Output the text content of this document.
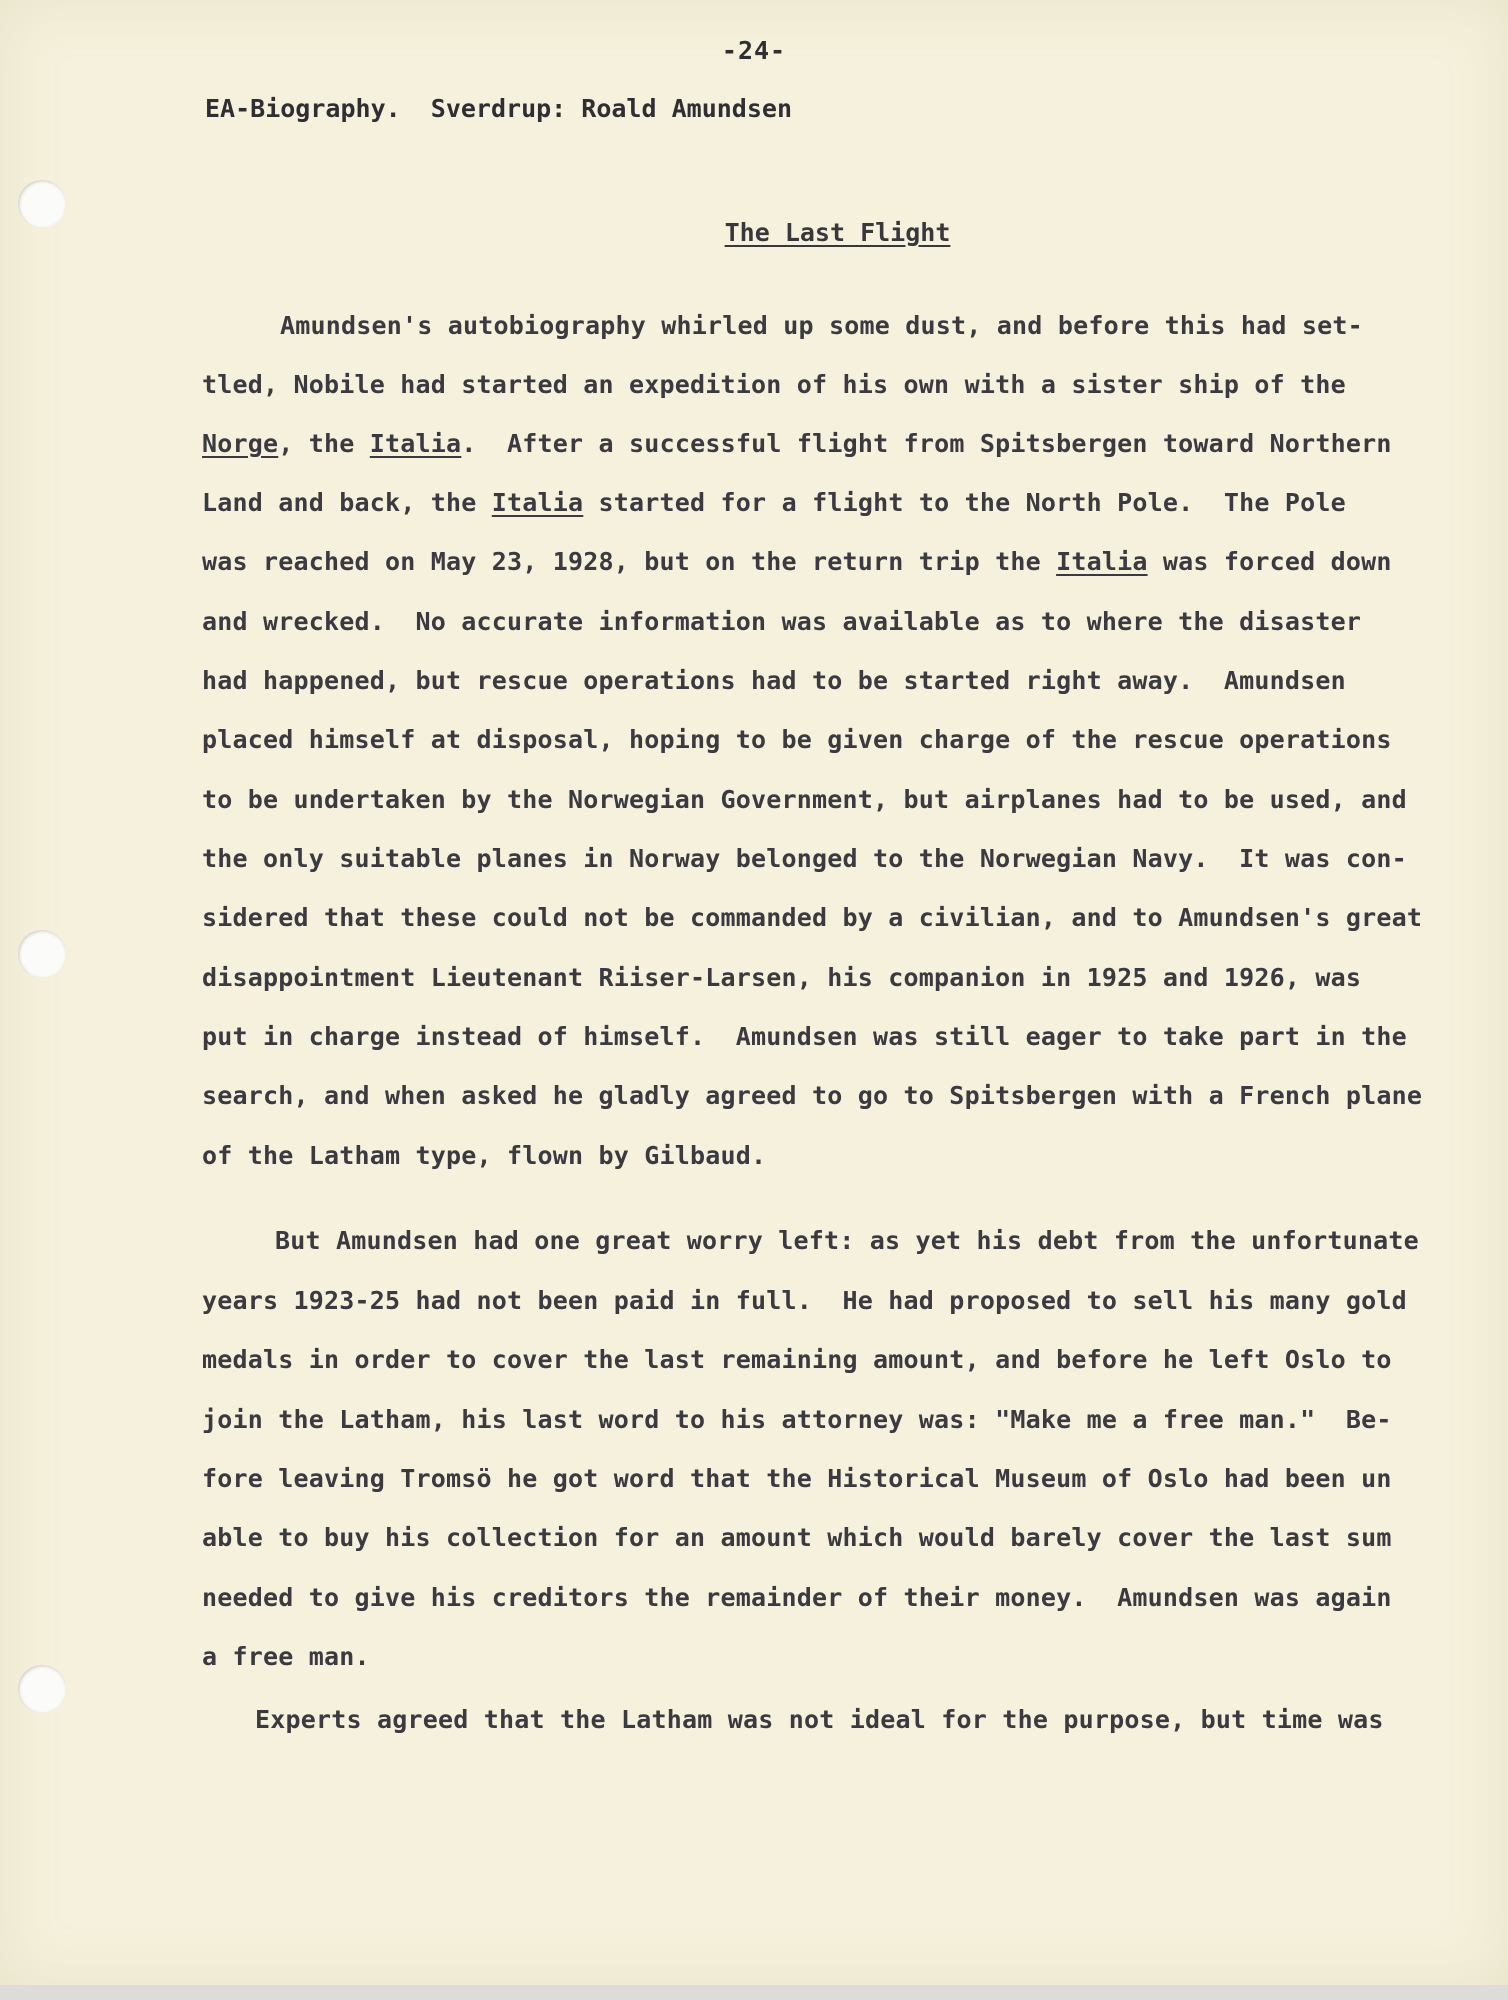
-24-
EA-Biography.  Sverdrup: Roald Amundsen
The Last Flight
Amundsen's autobiography whirled up some dust, and before this had set-
tled, Nobile had started an expedition of his own with a sister ship of the
Norge, the Italia.  After a successful flight from Spitsbergen toward Northern
Land and back, the Italia started for a flight to the North Pole.  The Pole
was reached on May 23, 1928, but on the return trip the Italia was forced down
and wrecked.  No accurate information was available as to where the disaster
had happened, but rescue operations had to be started right away.  Amundsen
placed himself at disposal, hoping to be given charge of the rescue operations
to be undertaken by the Norwegian Government, but airplanes had to be used, and
the only suitable planes in Norway belonged to the Norwegian Navy.  It was con-
sidered that these could not be commanded by a civilian, and to Amundsen's great
disappointment Lieutenant Riiser-Larsen, his companion in 1925 and 1926, was
put in charge instead of himself.  Amundsen was still eager to take part in the
search, and when asked he gladly agreed to go to Spitsbergen with a French plane
of the Latham type, flown by Gilbaud.
But Amundsen had one great worry left: as yet his debt from the unfortunate
years 1923-25 had not been paid in full.  He had proposed to sell his many gold
medals in order to cover the last remaining amount, and before he left Oslo to
join the Latham, his last word to his attorney was: "Make me a free man."  Be-
fore leaving Tromsö he got word that the Historical Museum of Oslo had been un
able to buy his collection for an amount which would barely cover the last sum
needed to give his creditors the remainder of their money.  Amundsen was again
a free man.
Experts agreed that the Latham was not ideal for the purpose, but time was
